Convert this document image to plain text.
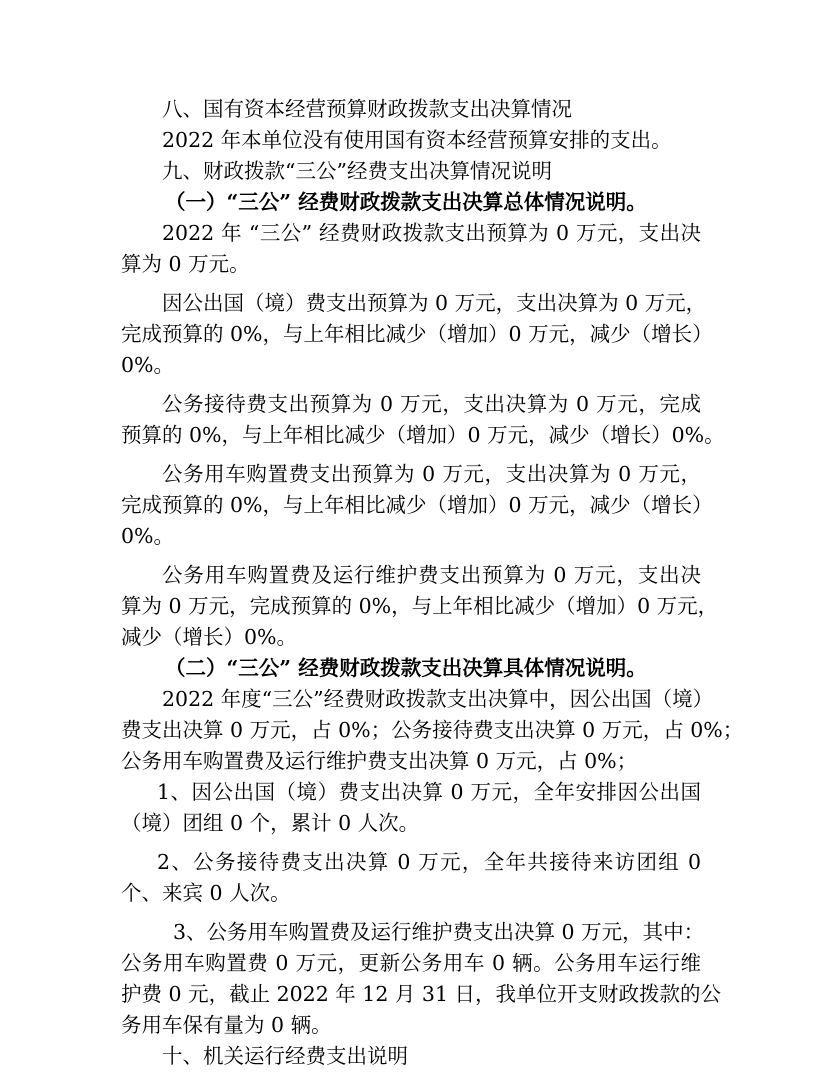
八、国有资本经营预算财政拨款支出决算情况
2022 年本单位没有使用国有资本经营预算安排的支出。
九、财政拨款“三公”经费支出决算情况说明
（一）“三公” 经费财政拨款支出决算总体情况说明。
2022 年 “三公” 经费财政拨款支出预算为 0 万元，支出决
算为 0 万元。
因公出国（境）费支出预算为 0 万元，支出决算为 0 万元，
完成预算的 0%，与上年相比减少（增加）0 万元，减少（增长）
0%。
公务接待费支出预算为 0 万元，支出决算为 0 万元，完成
预算的 0%，与上年相比减少（增加）0 万元，减少（增长）0%。
公务用车购置费支出预算为 0 万元，支出决算为 0 万元，
完成预算的 0%，与上年相比减少（增加）0 万元，减少（增长）
0%。
公务用车购置费及运行维护费支出预算为 0 万元，支出决
算为 0 万元，完成预算的 0%，与上年相比减少（增加）0 万元，
减少（增长）0%。
（二）“三公” 经费财政拨款支出决算具体情况说明。
2022 年度“三公”经费财政拨款支出决算中，因公出国（境）
费支出决算 0 万元，占 0%；公务接待费支出决算 0 万元，占 0%；
公务用车购置费及运行维护费支出决算 0 万元，占 0%；
1、因公出国（境）费支出决算 0 万元，全年安排因公出国
（境）团组 0 个，累计 0 人次。
2、公务接待费支出决算 0 万元，全年共接待来访团组 0
个、来宾 0 人次。
3、公务用车购置费及运行维护费支出决算 0 万元，其中：
公务用车购置费 0 万元，更新公务用车 0 辆。公务用车运行维
护费 0 元，截止 2022 年 12 月 31 日，我单位开支财政拨款的公
务用车保有量为 0 辆。
十、机关运行经费支出说明
